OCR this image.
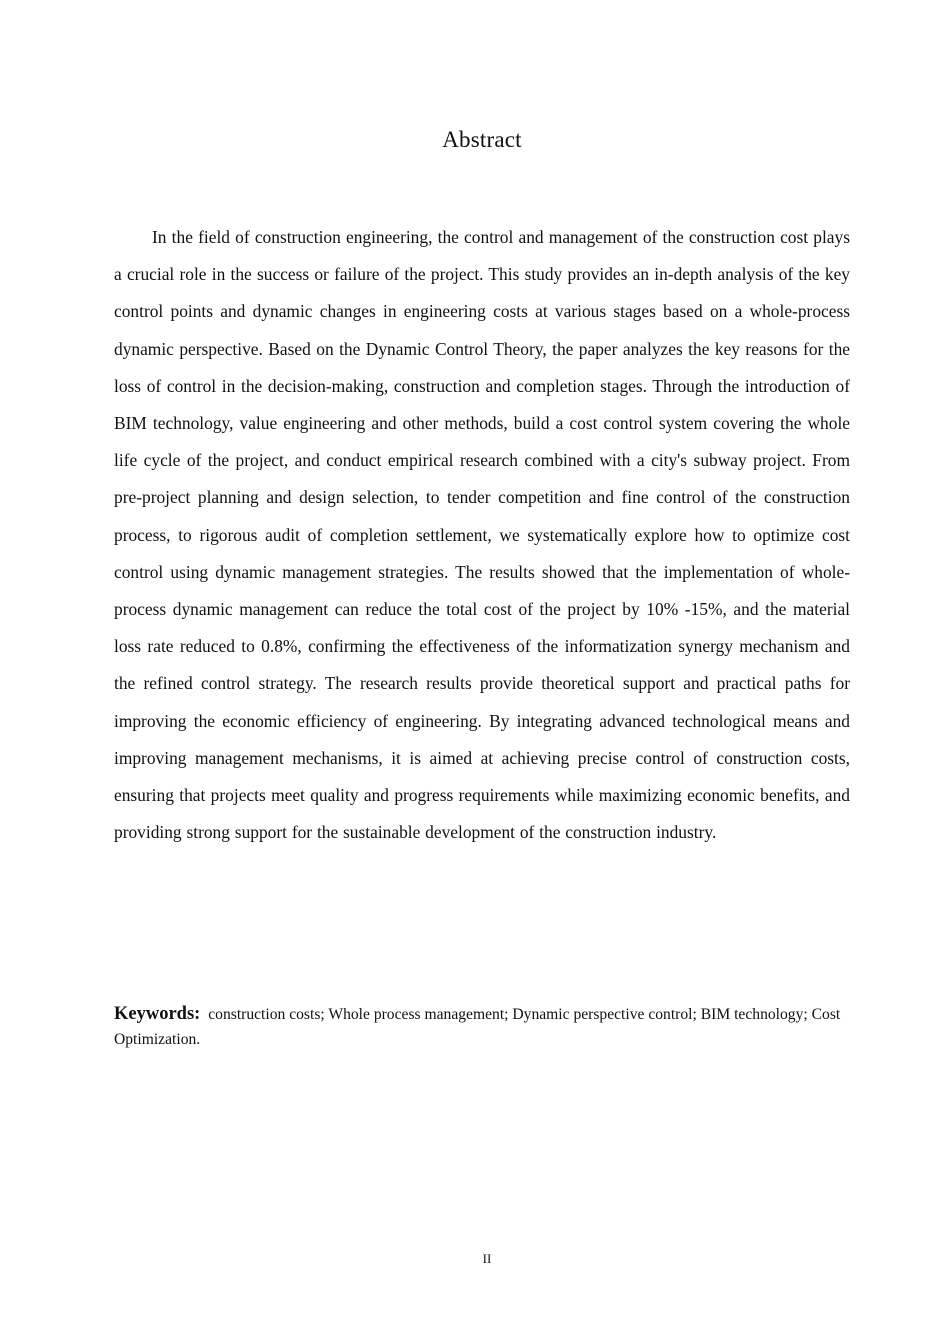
Abstract

In the field of construction engineering, the control and management of the construction cost plays a crucial role in the success or failure of the project. This study provides an in-depth analysis of the key control points and dynamic changes in engineering costs at various stages based on a whole-process dynamic perspective. Based on the Dynamic Control Theory, the paper analyzes the key reasons for the loss of control in the decision-making, construction and completion stages. Through the introduction of BIM technology, value engineering and other methods, build a cost control system covering the whole life cycle of the project, and conduct empirical research combined with a city's subway project. From pre-project planning and design selection, to tender competition and fine control of the construction process, to rigorous audit of completion settlement, we systematically explore how to optimize cost control using dynamic management strategies. The results showed that the implementation of whole-process dynamic management can reduce the total cost of the project by 10% -15%, and the material loss rate reduced to 0.8%, confirming the effectiveness of the informatization synergy mechanism and the refined control strategy. The research results provide theoretical support and practical paths for improving the economic efficiency of engineering. By integrating advanced technological means and improving management mechanisms, it is aimed at achieving precise control of construction costs, ensuring that projects meet quality and progress requirements while maximizing economic benefits, and providing strong support for the sustainable development of the construction industry.

Keywords: construction costs; Whole process management; Dynamic perspective control; BIM technology; Cost Optimization.

II
